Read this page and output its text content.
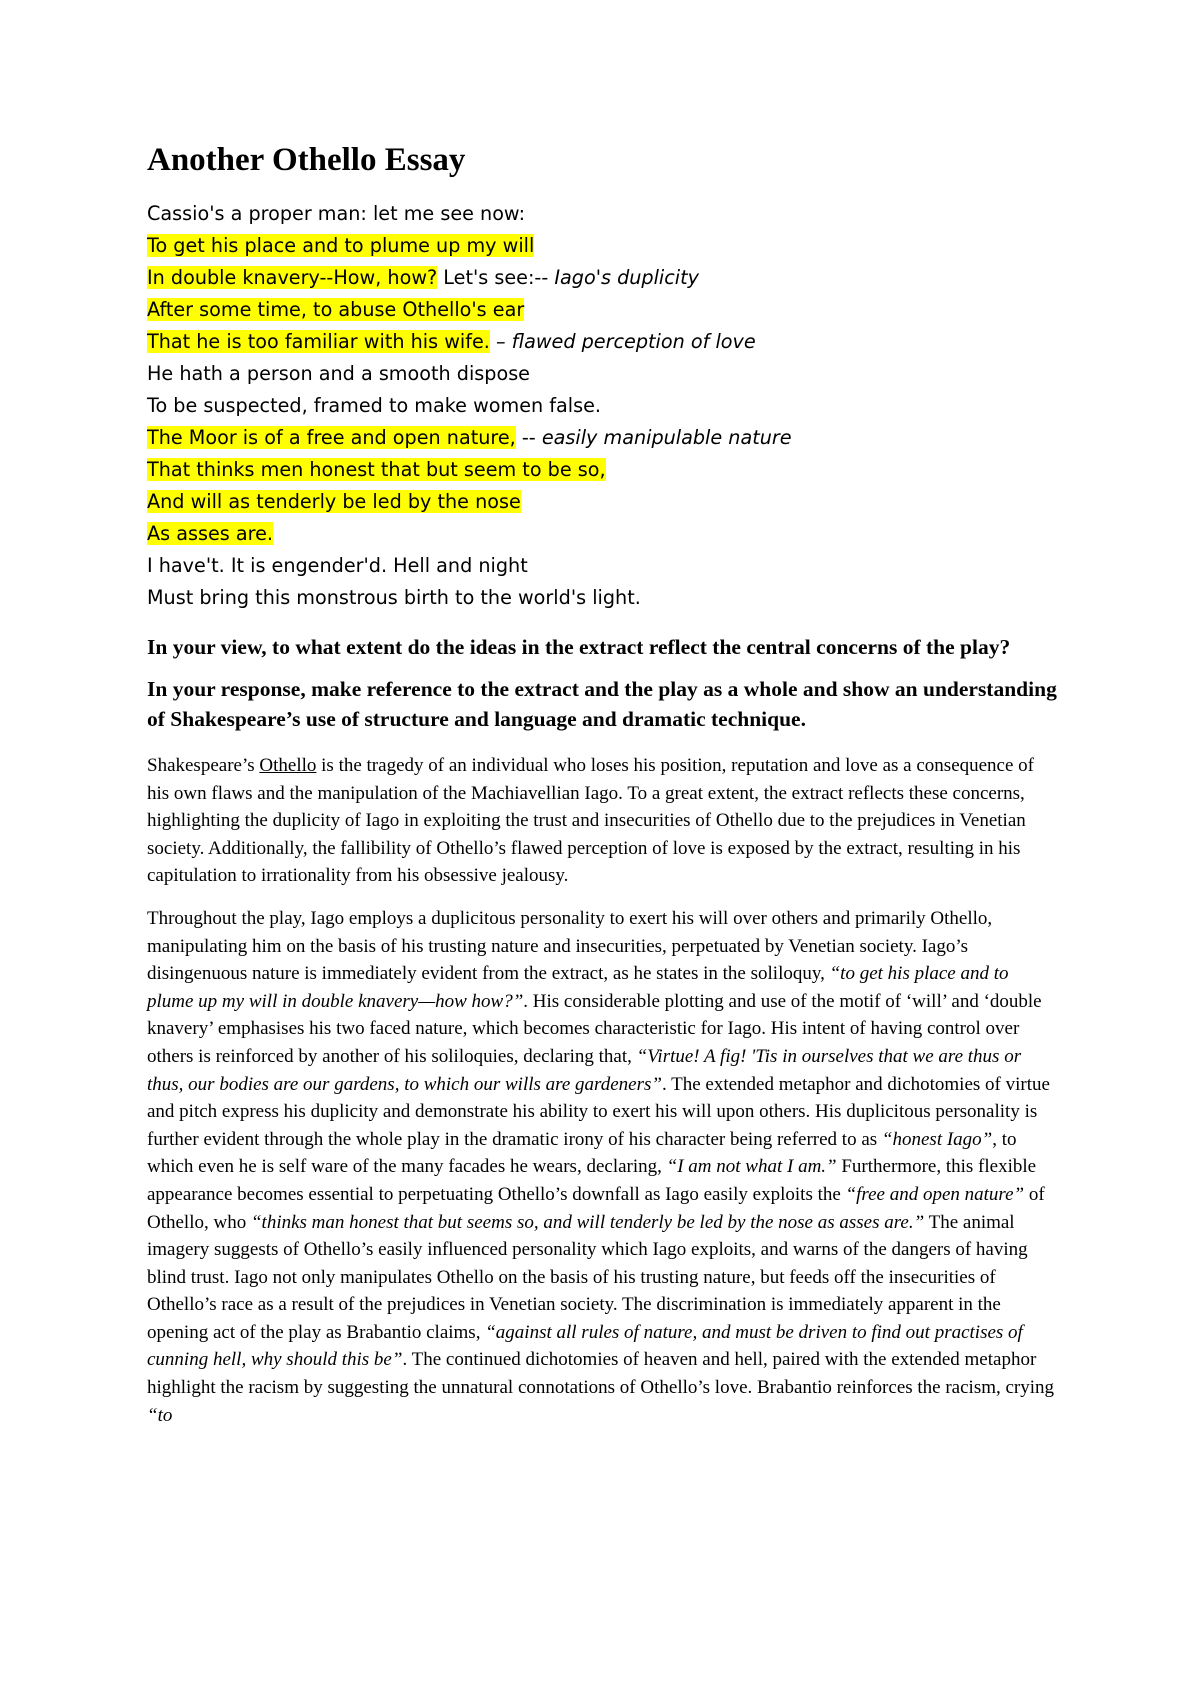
Another Othello Essay
Cassio's a proper man: let me see now:
To get his place and to plume up my will
In double knavery--How, how? Let's see:-- Iago's duplicity
After some time, to abuse Othello's ear
That he is too familiar with his wife. – flawed perception of love
He hath a person and a smooth dispose
To be suspected, framed to make women false.
The Moor is of a free and open nature, -- easily manipulable nature
That thinks men honest that but seem to be so,
And will as tenderly be led by the nose
As asses are.
I have't. It is engender'd. Hell and night
Must bring this monstrous birth to the world's light.

In your view, to what extent do the ideas in the extract reflect the central concerns of the play?

In your response, make reference to the extract and the play as a whole and show an understanding of Shakespeare’s use of structure and language and dramatic technique.

Shakespeare’s Othello is the tragedy of an individual who loses his position, reputation and love as a consequence of his own flaws and the manipulation of the Machiavellian Iago. To a great extent, the extract reflects these concerns, highlighting the duplicity of Iago in exploiting the trust and insecurities of Othello due to the prejudices in Venetian society. Additionally, the fallibility of Othello’s flawed perception of love is exposed by the extract, resulting in his capitulation to irrationality from his obsessive jealousy.

Throughout the play, Iago employs a duplicitous personality to exert his will over others and primarily Othello, manipulating him on the basis of his trusting nature and insecurities, perpetuated by Venetian society. Iago’s disingenuous nature is immediately evident from the extract, as he states in the soliloquy, “to get his place and to plume up my will in double knavery—how how?”. His considerable plotting and use of the motif of ‘will’ and ‘double knavery’ emphasises his two faced nature, which becomes characteristic for Iago. His intent of having control over others is reinforced by another of his soliloquies, declaring that, “Virtue! A fig! 'Tis in ourselves that we are thus or thus, our bodies are our gardens, to which our wills are gardeners”. The extended metaphor and dichotomies of virtue and pitch express his duplicity and demonstrate his ability to exert his will upon others. His duplicitous personality is further evident through the whole play in the dramatic irony of his character being referred to as “honest Iago”, to which even he is self ware of the many facades he wears, declaring, “I am not what I am.” Furthermore, this flexible appearance becomes essential to perpetuating Othello’s downfall as Iago easily exploits the “free and open nature” of Othello, who “thinks man honest that but seems so, and will tenderly be led by the nose as asses are.” The animal imagery suggests of Othello’s easily influenced personality which Iago exploits, and warns of the dangers of having blind trust. Iago not only manipulates Othello on the basis of his trusting nature, but feeds off the insecurities of Othello’s race as a result of the prejudices in Venetian society. The discrimination is immediately apparent in the opening act of the play as Brabantio claims, “against all rules of nature, and must be driven to find out practises of cunning hell, why should this be”. The continued dichotomies of heaven and hell, paired with the extended metaphor highlight the racism by suggesting the unnatural connotations of Othello’s love. Brabantio reinforces the racism, crying “to
